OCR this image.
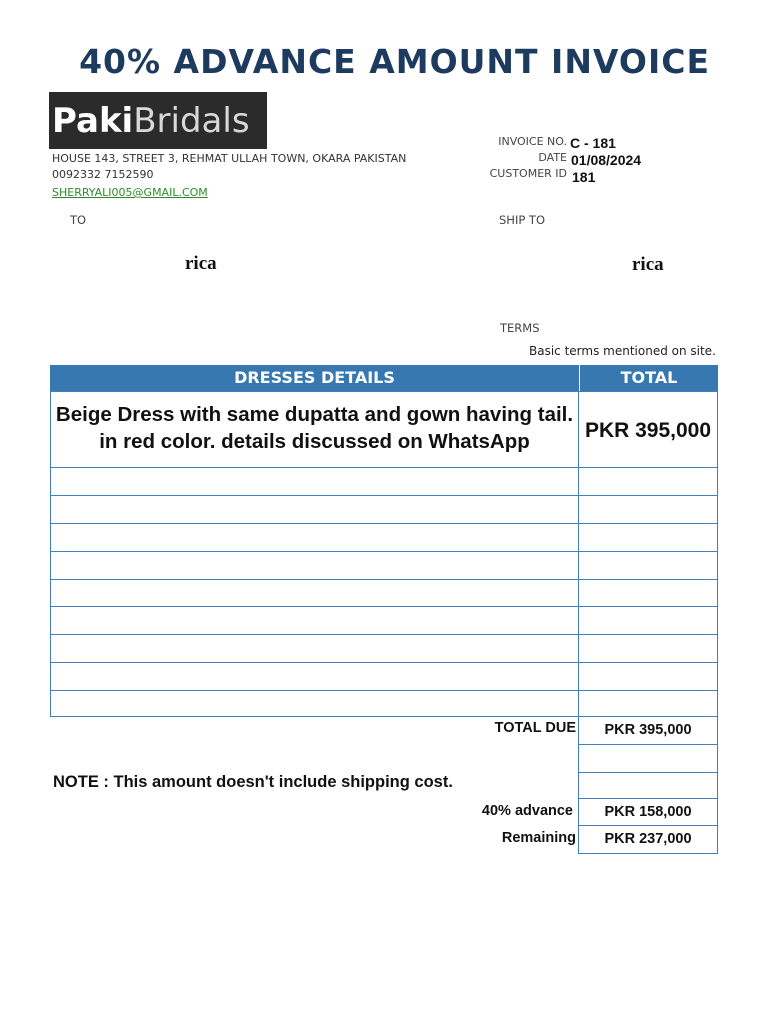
40% ADVANCE AMOUNT INVOICE
PakiBridals
HOUSE 143, STREET 3, REHMAT ULLAH TOWN, OKARA PAKISTAN
0092332 7152590
SHERRYALI005@GMAIL.COM
INVOICE NO. C - 181
DATE 01/08/2024
CUSTOMER ID 181
TO	SHIP TO
rica	rica
TERMS
Basic terms mentioned on site.
DRESSES DETAILS	TOTAL
Beige Dress with same dupatta and gown having tail. in red color. details discussed on WhatsApp	PKR 395,000
TOTAL DUE	PKR 395,000
NOTE : This amount doesn't include shipping cost.
40% advance	PKR 158,000
Remaining	PKR 237,000
